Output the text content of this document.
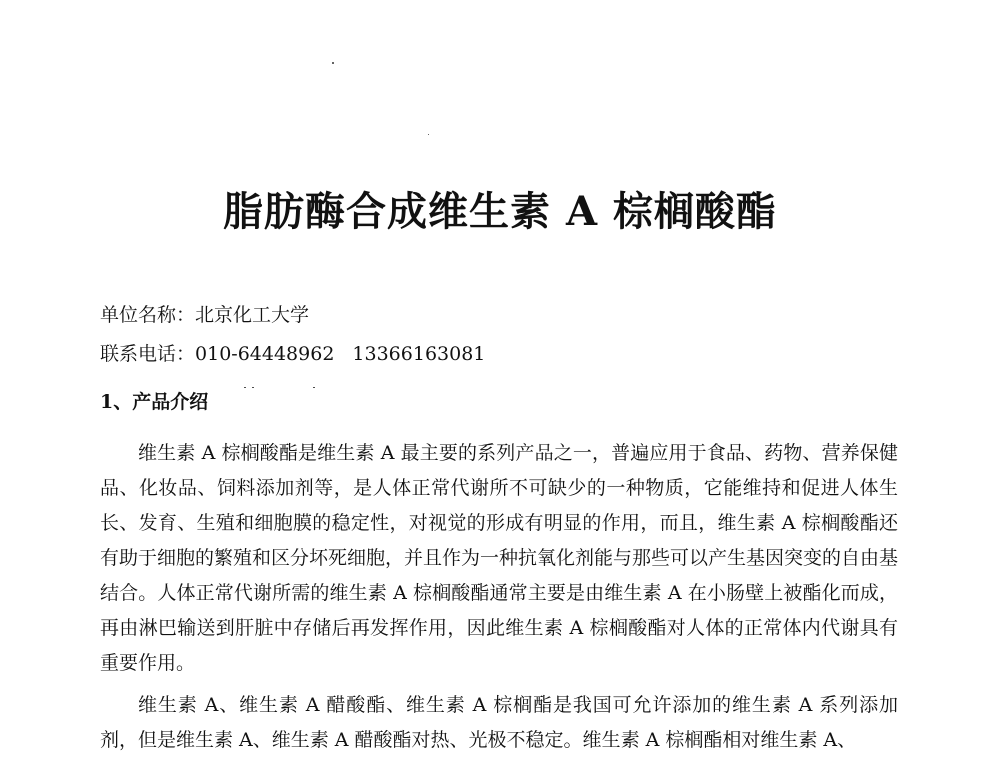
脂肪酶合成维生素 A 棕榈酸酯
单位名称：北京化工大学
联系电话：010-64448962 13366163081
1、产品介绍

维生素 A 棕榈酸酯是维生素 A 最主要的系列产品之一，普遍应用于食品、药物、营养保健品、化妆品、饲料添加剂等，是人体正常代谢所不可缺少的一种物质，它能维持和促进人体生长、发育、生殖和细胞膜的稳定性，对视觉的形成有明显的作用，而且，维生素 A 棕榈酸酯还有助于细胞的繁殖和区分坏死细胞，并且作为一种抗氧化剂能与那些可以产生基因突变的自由基结合。人体正常代谢所需的维生素 A 棕榈酸酯通常主要是由维生素 A 在小肠壁上被酯化而成，再由淋巴输送到肝脏中存储后再发挥作用，因此维生素 A 棕榈酸酯对人体的正常体内代谢具有重要作用。

维生素 A、维生素 A 醋酸酯、维生素 A 棕榈酯是我国可允许添加的维生素 A 系列添加剂，但是维生素 A、维生素 A 醋酸酯对热、光极不稳定。维生素 A 棕榈酯相对维生素 A、
